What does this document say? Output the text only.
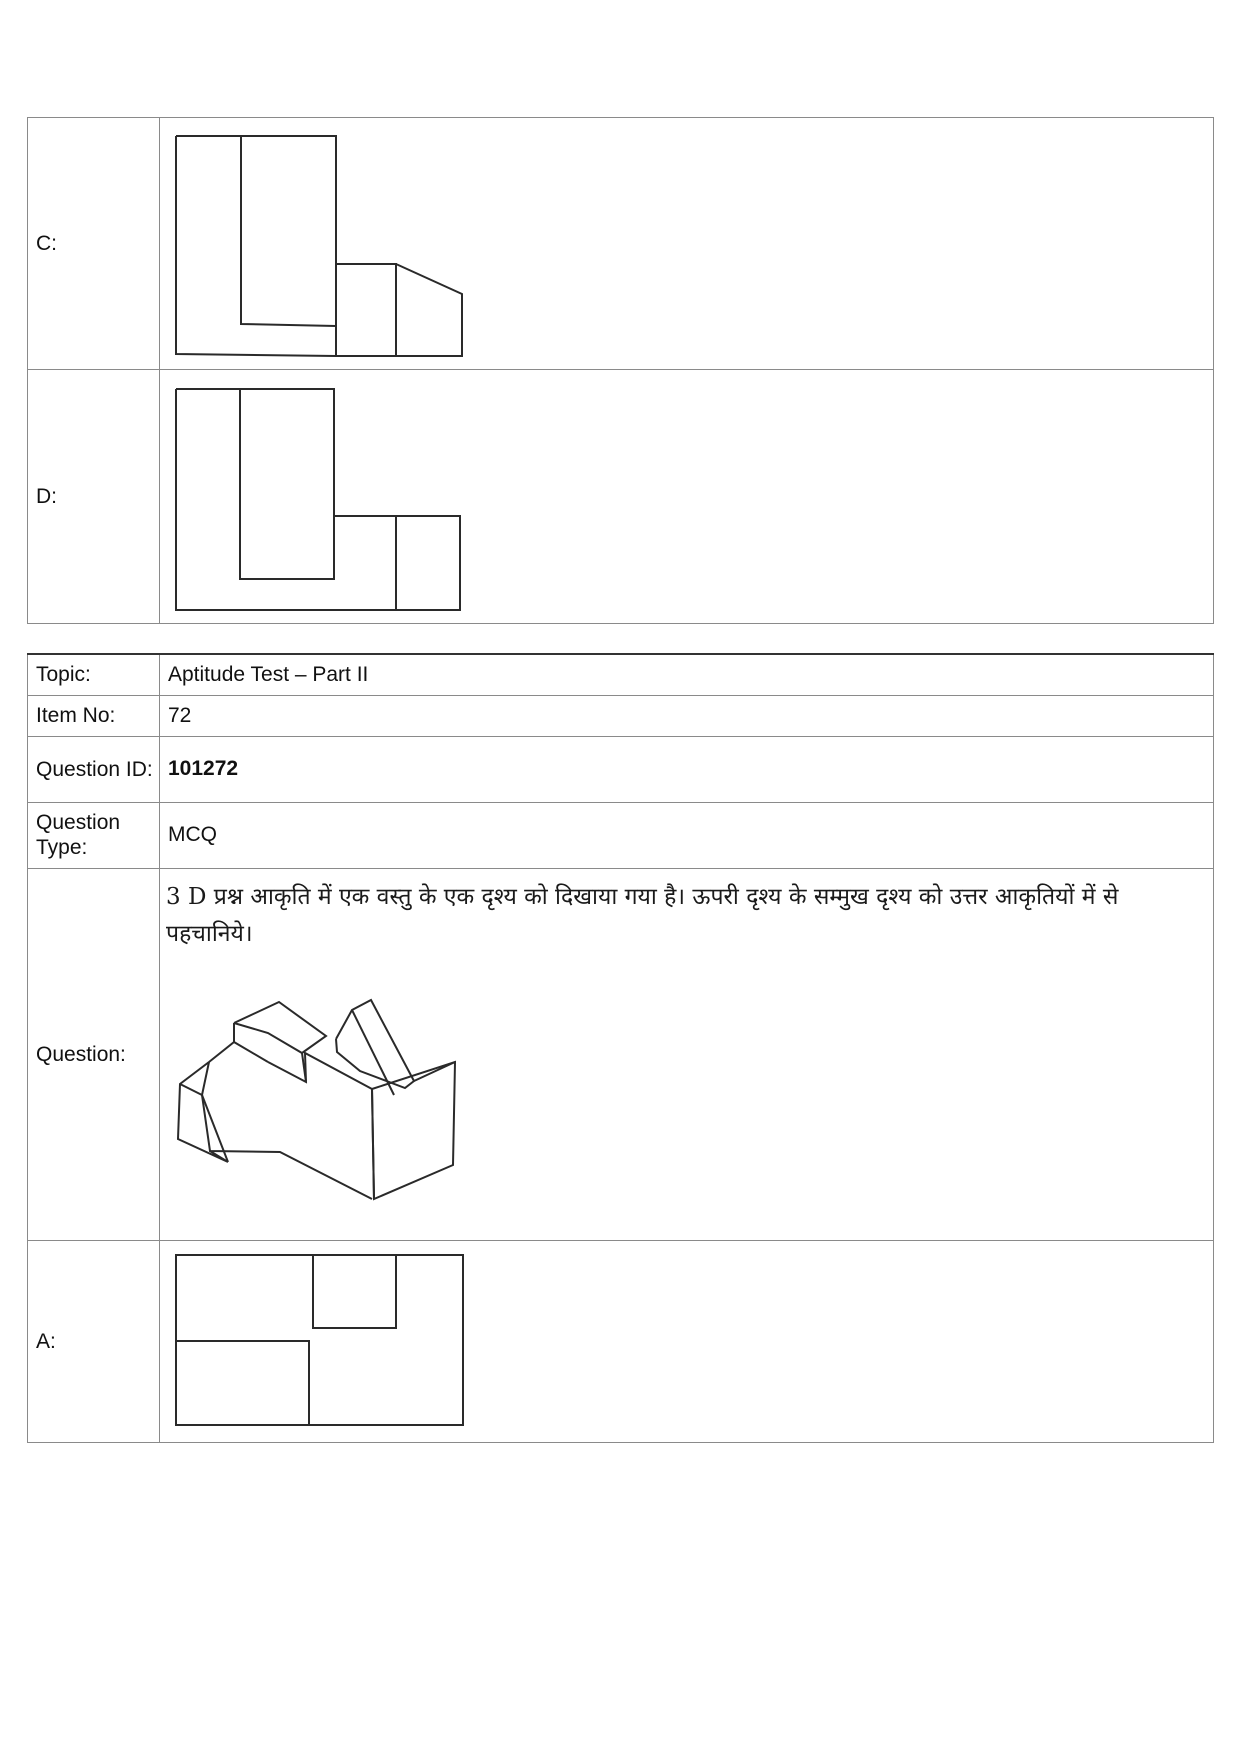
C:	

D:	
Topic:	Aptitude Test – Part II
Item No:	72
Question ID:	101272
Question Type:	MCQ
Question:	3 D प्रश्न आकृति में एक वस्तु के एक दृश्य को दिखाया गया है। ऊपरी दृश्य के सम्मुख दृश्य को उत्तर आकृतियों में से पहचानिये।

A:	
